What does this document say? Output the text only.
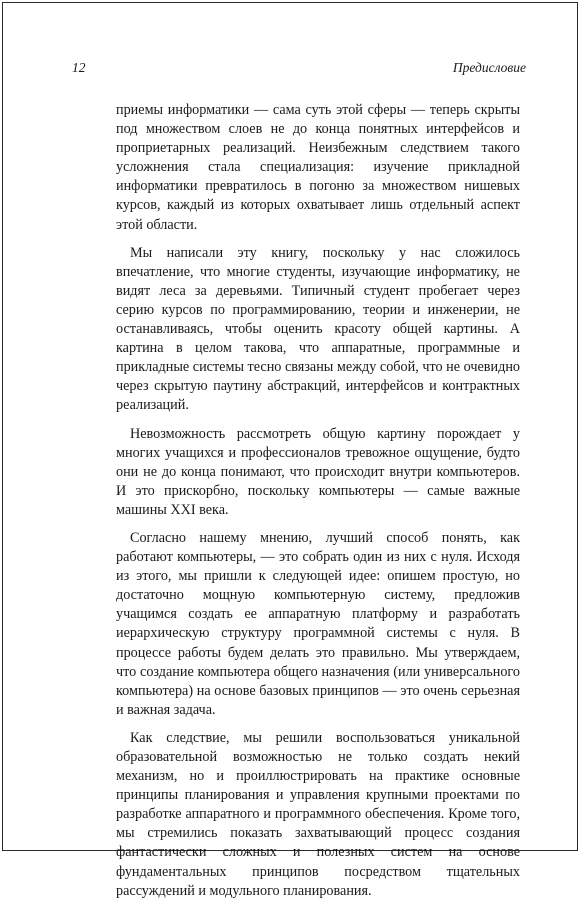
12	Предисловие

приемы информатики — сама суть этой сферы — теперь скрыты под множеством слоев не до конца понятных интерфейсов и проприетарных реализаций. Неизбежным следствием такого усложнения стала специализация: изучение прикладной информатики превратилось в погоню за множеством нишевых курсов, каждый из которых охватывает лишь отдельный аспект этой области.

Мы написали эту книгу, поскольку у нас сложилось впечатление, что многие студенты, изучающие информатику, не видят леса за деревьями. Типичный студент пробегает через серию курсов по программированию, теории и инженерии, не останавливаясь, чтобы оценить красоту общей картины. А картина в целом такова, что аппаратные, программные и прикладные системы тесно связаны между собой, что не очевидно через скрытую паутину абстракций, интерфейсов и контрактных реализаций.

Невозможность рассмотреть общую картину порождает у многих учащихся и профессионалов тревожное ощущение, будто они не до конца понимают, что происходит внутри компьютеров. И это прискорбно, поскольку компьютеры — самые важные машины XXI века.

Согласно нашему мнению, лучший способ понять, как работают компьютеры, — это собрать один из них с нуля. Исходя из этого, мы пришли к следующей идее: опишем простую, но достаточно мощную компьютерную систему, предложив учащимся создать ее аппаратную платформу и разработать иерархическую структуру программной системы с нуля. В процессе работы будем делать это правильно. Мы утверждаем, что создание компьютера общего назначения (или универсального компьютера) на основе базовых принципов — это очень серьезная и важная задача.

Как следствие, мы решили воспользоваться уникальной образовательной возможностью не только создать некий механизм, но и проиллюстрировать на практике основные принципы планирования и управления крупными проектами по разработке аппаратного и программного обеспечения. Кроме того, мы стремились показать захватывающий процесс создания фантастически сложных и полезных систем на основе фундаментальных принципов посредством тщательных рассуждений и модульного планирования.
